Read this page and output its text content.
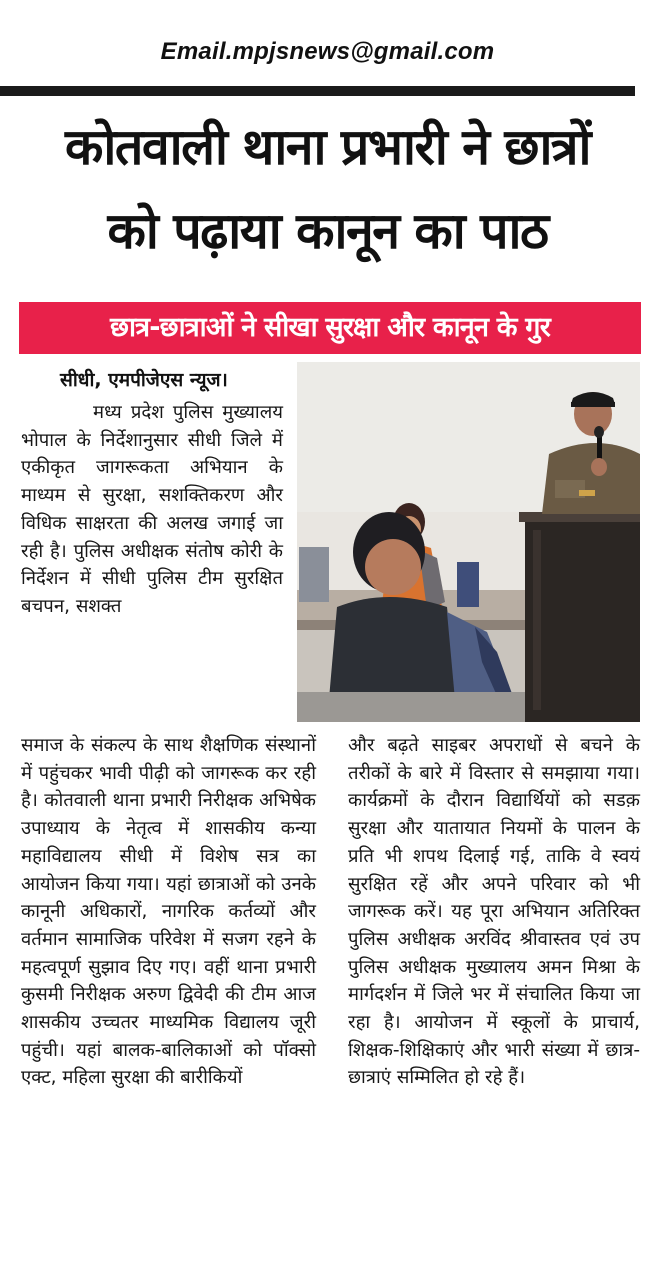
Email.mpjsnews@gmail.com
कोतवाली थाना प्रभारी ने छात्रों
को पढ़ाया कानून का पाठ
छात्र-छात्राओं ने सीखा सुरक्षा और कानून के गुर
सीधी, एमपीजेएस न्यूज।

मध्य प्रदेश पुलिस मुख्यालय भोपाल के निर्देशानुसार सीधी जिले में एकीकृत जागरूकता अभियान के माध्यम से सुरक्षा, सशक्तिकरण और विधिक साक्षरता की अलख जगाई जा रही है। पुलिस अधीक्षक संतोष कोरी के निर्देशन में सीधी पुलिस टीम सुरक्षित बचपन, सशक्त

समाज के संकल्प के साथ शैक्षणिक संस्थानों में पहुंचकर भावी पीढ़ी को जागरूक कर रही है। कोतवाली थाना प्रभारी निरीक्षक अभिषेक उपाध्याय के नेतृत्व में शासकीय कन्या महाविद्यालय सीधी में विशेष सत्र का आयोजन किया गया। यहां छात्राओं को उनके कानूनी अधिकारों, नागरिक कर्तव्यों और वर्तमान सामाजिक परिवेश में सजग रहने के महत्वपूर्ण सुझाव दिए गए। वहीं थाना प्रभारी कुसमी निरीक्षक अरुण द्विवेदी की टीम आज शासकीय उच्चतर माध्यमिक विद्यालय जूरी पहुंची। यहां बालक-बालिकाओं को पॉक्सो एक्ट, महिला सुरक्षा की बारीकियों

और बढ़ते साइबर अपराधों से बचने के तरीकों के बारे में विस्तार से समझाया गया। कार्यक्रमों के दौरान विद्यार्थियों को सडक़ सुरक्षा और यातायात नियमों के पालन के प्रति भी शपथ दिलाई गई, ताकि वे स्वयं सुरक्षित रहें और अपने परिवार को भी जागरूक करें। यह पूरा अभियान अतिरिक्त पुलिस अधीक्षक अरविंद श्रीवास्तव एवं उप पुलिस अधीक्षक मुख्यालय अमन मिश्रा के मार्गदर्शन में जिले भर में संचालित किया जा रहा है। आयोजन में स्कूलों के प्राचार्य, शिक्षक-शिक्षिकाएं और भारी संख्या में छात्र-छात्राएं सम्मिलित हो रहे हैं।
